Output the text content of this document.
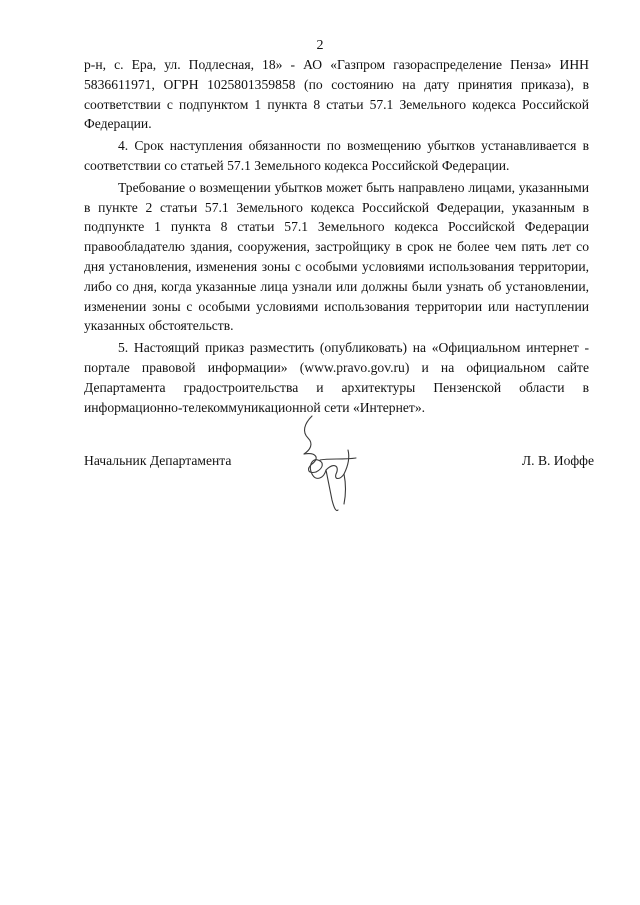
2

р-н, с. Ера, ул. Подлесная, 18» - АО «Газпром газораспределение Пенза» ИНН 5836611971, ОГРН 1025801359858 (по состоянию на дату принятия приказа), в соответствии с подпунктом 1 пункта 8 статьи 57.1 Земельного кодекса Российской Федерации.

4. Срок наступления обязанности по возмещению убытков устанавливается в соответствии со статьей 57.1 Земельного кодекса Российской Федерации.

Требование о возмещении убытков может быть направлено лицами, указанными в пункте 2 статьи 57.1 Земельного кодекса Российской Федерации, указанным в подпункте 1 пункта 8 статьи 57.1 Земельного кодекса Российской Федерации правообладателю здания, сооружения, застройщику в срок не более чем пять лет со дня установления, изменения зоны с особыми условиями использования территории, либо со дня, когда указанные лица узнали или должны были узнать об установлении, изменении зоны с особыми условиями использования территории или наступлении указанных обстоятельств.

5. Настоящий приказ разместить (опубликовать) на «Официальном интернет - портале правовой информации» (www.pravo.gov.ru) и на официальном сайте Департамента градостроительства и архитектуры Пензенской области в информационно-телекоммуникационной сети «Интернет».

Начальник Департамента	Л. В. Иоффе
